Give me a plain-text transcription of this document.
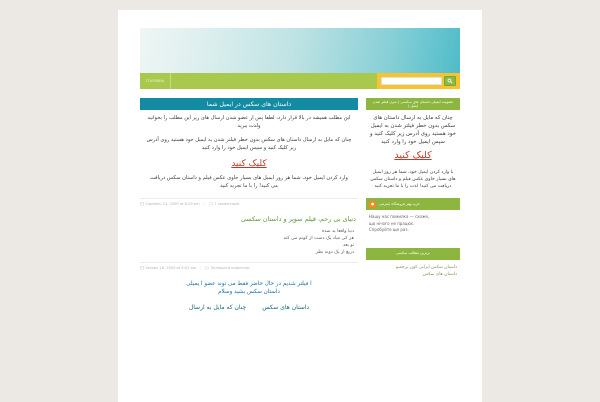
ГОЛОВНА
داستان های سکس در ایمیل شما

این مطلب همیشه در بالا قرار دارد، لطفا پس از عضو شدن ارسال های زیر این مطلب را بخوانید ولذت ببرید

چنان که مایل به ارسال داستان های سکس بدون خطر فیلتر شدن به ایمیل خود هستید روی آدرس زیر کلیک کنید و سپس ایمیل خود را وارد کنید

کلیک کنید

وارد کردن ایمیل خود، شما هر روز ایمیل های بسیار حاوی عکس فیلم و داستان سکس دریافت می کنید! را با ما تجربه کنید

Серпень 23, 2009 at 6:29 pm |	7 коментарів
دنیای بی رحم، فیلم سوپر و داستان سکسی
دنیا واقعا بد شده
هر کی میاد یک دست از کونم می کنه
تو بعد
دریغ از یک دونه نظر
Serpen 16, 2009 at 9:52 am |	Залишити коментар
ا فیلتر شدیم در حال حاضر فقط می توند عضو ا یمیلی
داستان سکس بشید وسلام
داستان های سکس
چنان که مایل به ارسال
عضویت ایمیلی داستان های سکسی ( بدون فیلتر شدن ایمیل )
چنان که مایل به ارسال داستان های سکس بدون خطر فیلتر شدن به ایمیل خود هستید روی آدرس زیر کلیک کنید و سپس ایمیل خود را وارد کنید
کلیک کنید
با وارد کردن ایمیل خود، شما هر روز ایمیل های بسیار حاوی عکس فیلم و داستان سکس دریافت می کنید! لذت را با ما تجربه کنید
●	خرید بهتر فروشگاه اینترنتی
Нашу нас помилка — схоже,
що нічого не працює.
Спробуйте ще раз.
برترین مطالب سکسی
داستان سکس ایرانی کون پرجمیو
داستان های سکس
